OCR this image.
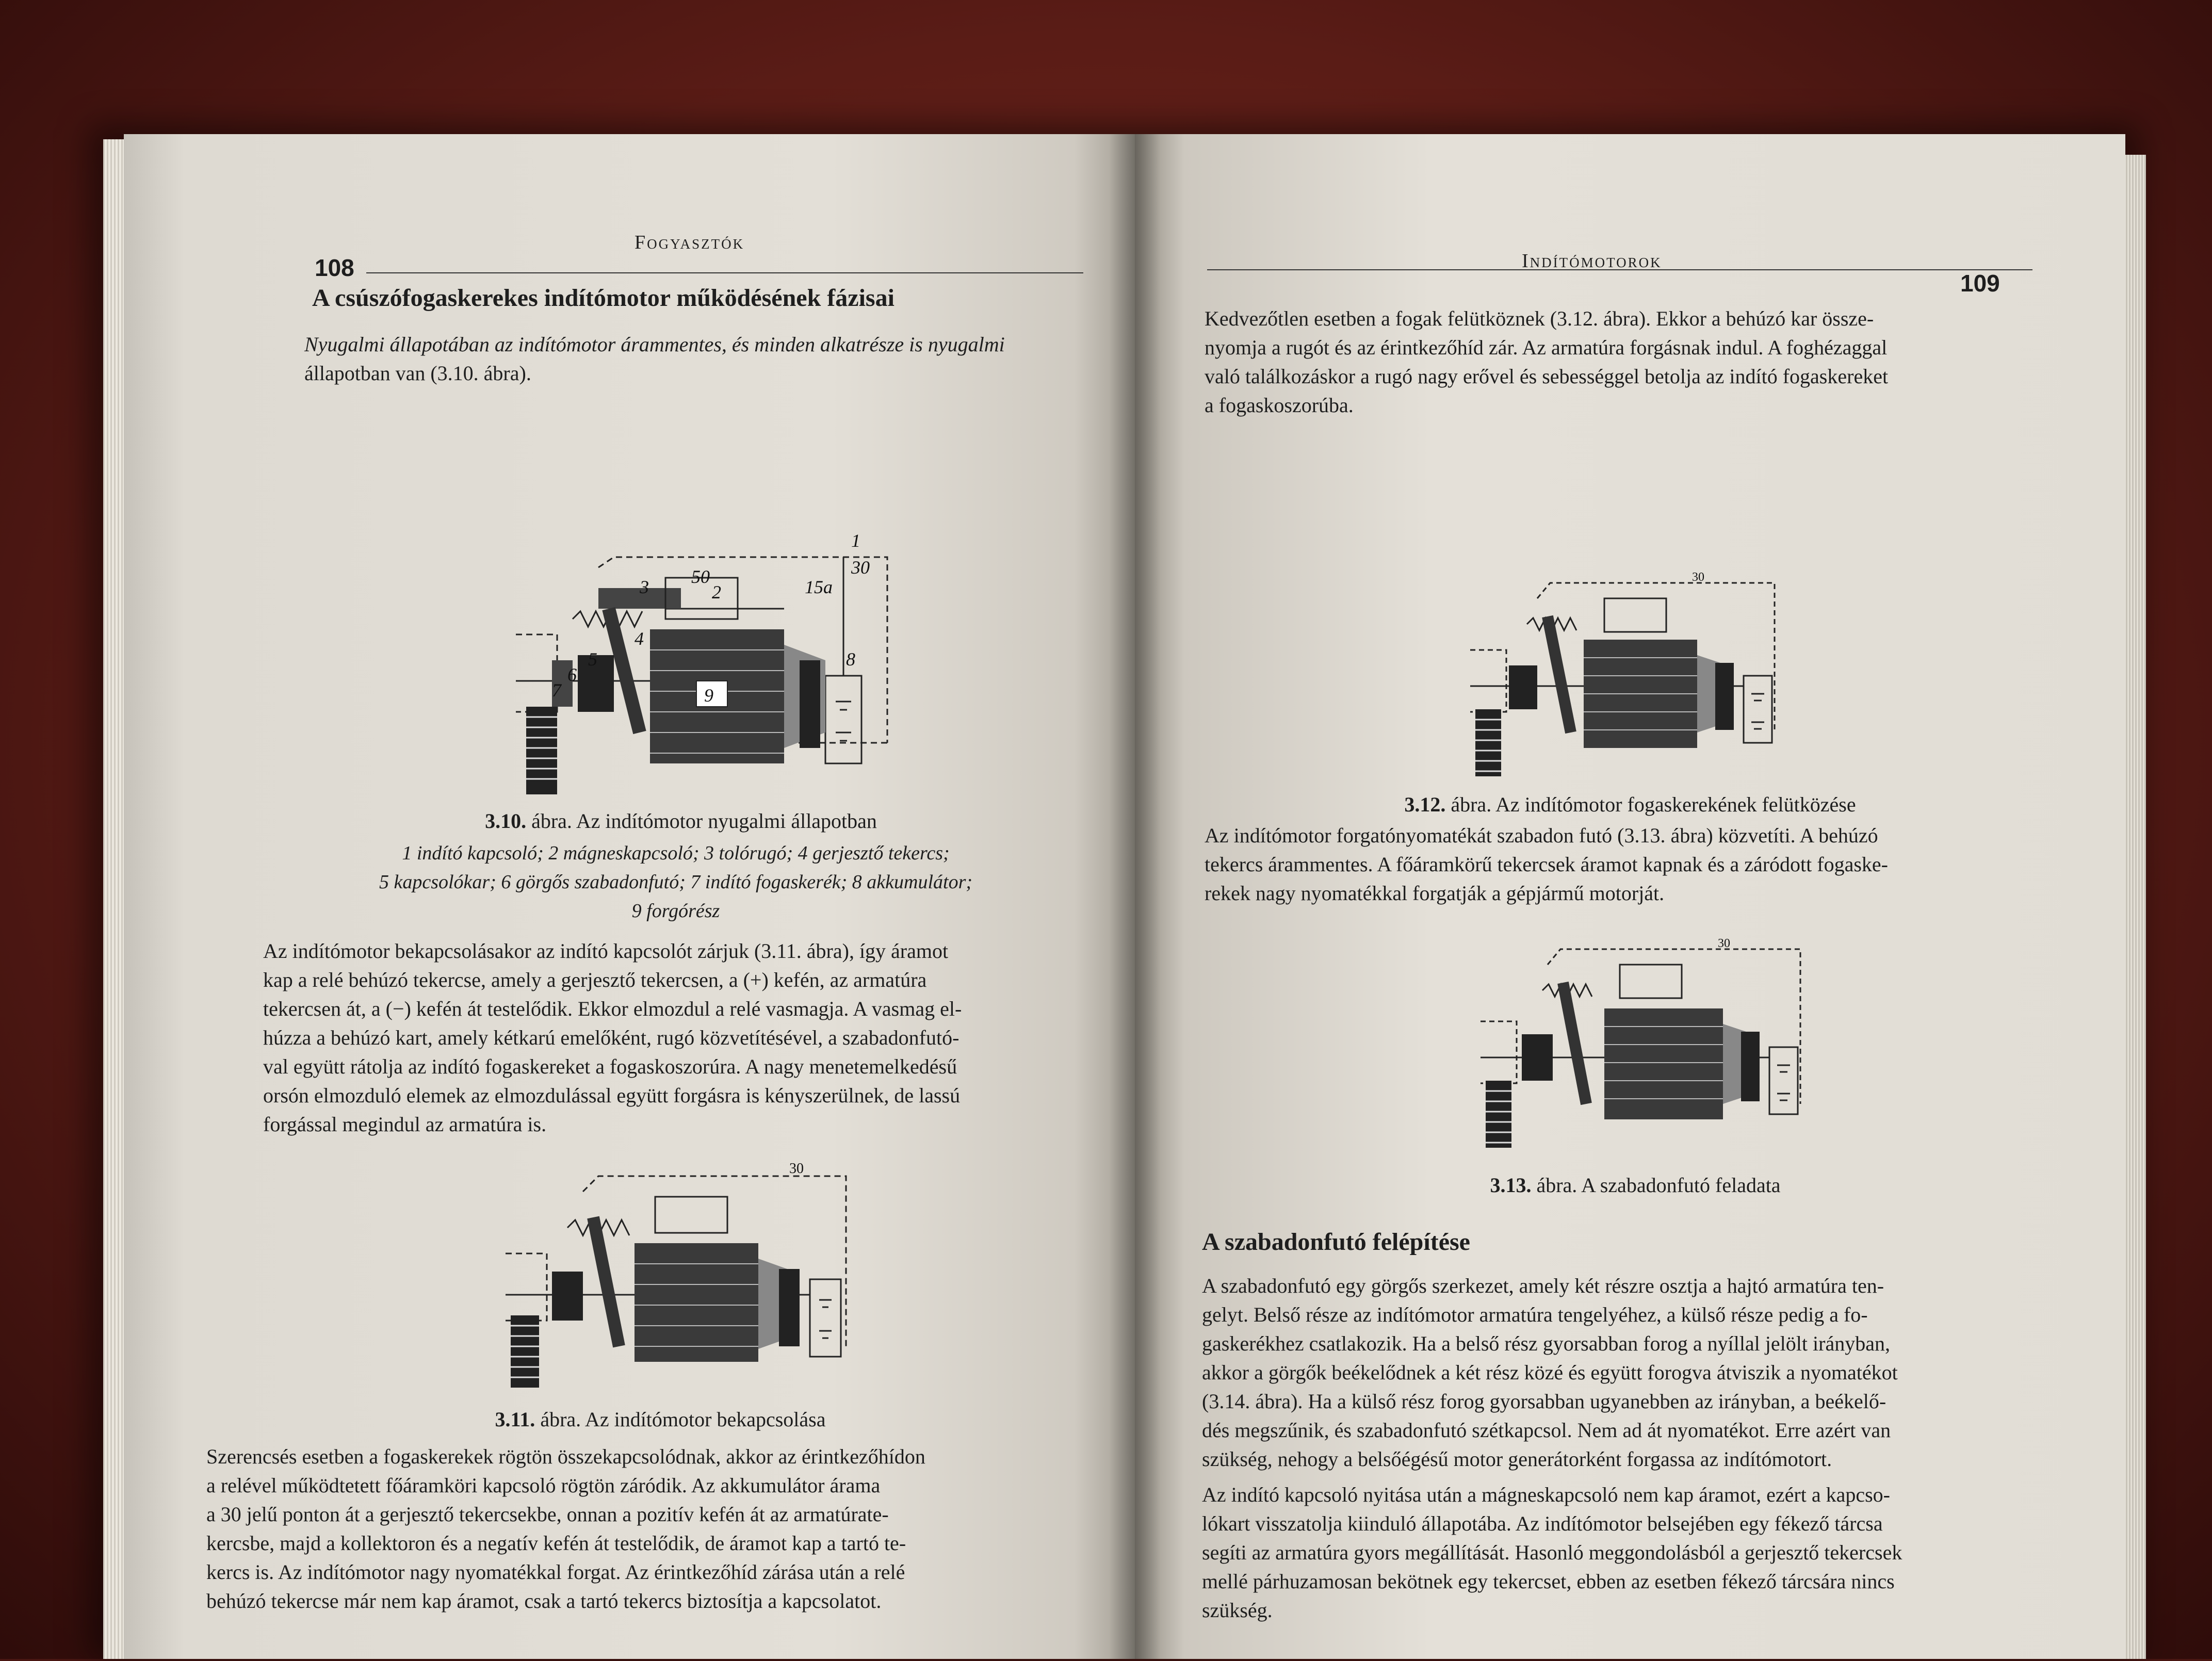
Fogyasztók
108
A csúszófogaskerekes indítómotor működésének fázisai
Nyugalmi állapotában az indítómotor árammentes, és minden alkatrésze is nyugalmi
állapotban van (3.10. ábra).
1
30
50	15a
2
3
4
5
6
7
8
9
3.10. ábra. Az indítómotor nyugalmi állapotban
1 indító kapcsoló; 2 mágneskapcsoló; 3 tolórugó; 4 gerjesztő tekercs;
5 kapcsolókar; 6 görgős szabadonfutó; 7 indító fogaskerék; 8 akkumulátor;
9 forgórész
Az indítómotor bekapcsolásakor az indító kapcsolót zárjuk (3.11. ábra), így áramot
kap a relé behúzó tekercse, amely a gerjesztő tekercsen, a (+) kefén, az armatúra
tekercsen át, a (−) kefén át testelődik. Ekkor elmozdul a relé vasmagja. A vasmag el-
húzza a behúzó kart, amely kétkarú emelőként, rugó közvetítésével, a szabadonfutó-
val együtt rátolja az indító fogaskereket a fogaskoszorúra. A nagy menetemelkedésű
orsón elmozduló elemek az elmozdulással együtt forgásra is kényszerülnek, de lassú
forgással megindul az armatúra is.
30
3.11. ábra. Az indítómotor bekapcsolása
Szerencsés esetben a fogaskerekek rögtön összekapcsolódnak, akkor az érintkezőhídon
a relével működtetett főáramköri kapcsoló rögtön záródik. Az akkumulátor árama
a 30 jelű ponton át a gerjesztő tekercsekbe, onnan a pozitív kefén át az armatúrate-
kercsbe, majd a kollektoron és a negatív kefén át testelődik, de áramot kap a tartó te-
kercs is. Az indítómotor nagy nyomatékkal forgat. Az érintkezőhíd zárása után a relé
behúzó tekercse már nem kap áramot, csak a tartó tekercs biztosítja a kapcsolatot.
Indítómotorok
109
Kedvezőtlen esetben a fogak felütköznek (3.12. ábra). Ekkor a behúzó kar össze-
nyomja a rugót és az érintkezőhíd zár. Az armatúra forgásnak indul. A foghézaggal
való találkozáskor a rugó nagy erővel és sebességgel betolja az indító fogaskereket
a fogaskoszorúba.
30
3.12. ábra. Az indítómotor fogaskerekének felütközése
Az indítómotor forgatónyomatékát szabadon futó (3.13. ábra) közvetíti. A behúzó
tekercs árammentes. A főáramkörű tekercsek áramot kapnak és a záródott fogaske-
rekek nagy nyomatékkal forgatják a gépjármű motorját.
30
3.13. ábra. A szabadonfutó feladata
A szabadonfutó felépítése
A szabadonfutó egy görgős szerkezet, amely két részre osztja a hajtó armatúra ten-
gelyt. Belső része az indítómotor armatúra tengelyéhez, a külső része pedig a fo-
gaskerékhez csatlakozik. Ha a belső rész gyorsabban forog a nyíllal jelölt irányban,
akkor a görgők beékelődnek a két rész közé és együtt forogva átviszik a nyomatékot
(3.14. ábra). Ha a külső rész forog gyorsabban ugyanebben az irányban, a beékelő-
dés megszűnik, és szabadonfutó szétkapcsol. Nem ad át nyomatékot. Erre azért van
szükség, nehogy a belsőégésű motor generátorként forgassa az indítómotort.
Az indító kapcsoló nyitása után a mágneskapcsoló nem kap áramot, ezért a kapcso-
lókart visszatolja kiinduló állapotába. Az indítómotor belsejében egy fékező tárcsa
segíti az armatúra gyors megállítását. Hasonló meggondolásból a gerjesztő tekercsek
mellé párhuzamosan bekötnek egy tekercset, ebben az esetben fékező tárcsára nincs
szükség.
